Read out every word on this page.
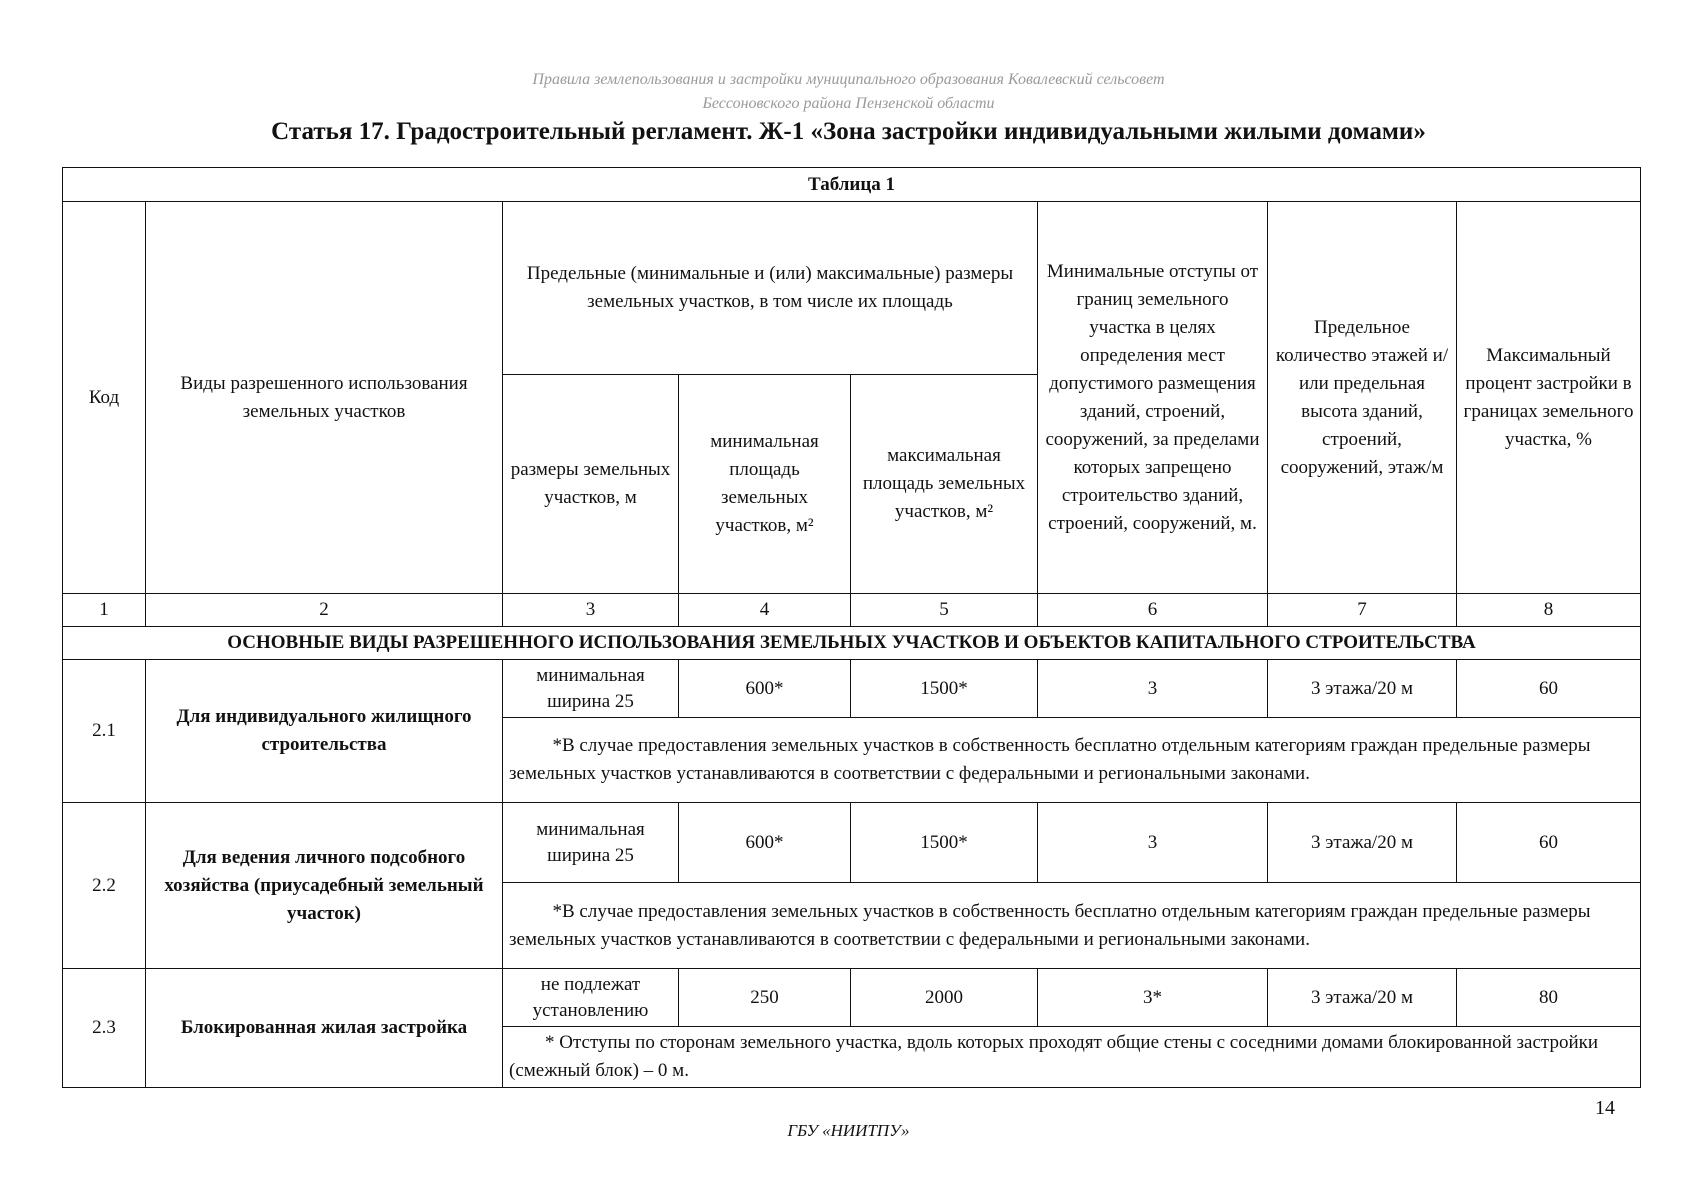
Правила землепользования и застройки муниципального образования Ковалевский сельсовет
Бессоновского района Пензенской области
Статья 17. Градостроительный регламент. Ж-1 «Зона застройки индивидуальными жилыми домами»
Таблица 1							
Код	Виды разрешенного использования земельных участков	Предельные (минимальные и (или) максимальные) размеры земельных участков, в том числе их площадь			Минимальные отступы от границ земельного участка в целях определения мест допустимого размещения зданий, строений, сооружений, за пределами которых запрещено строительство зданий, строений, сооружений, м.	Предельное количество этажей и/или предельная высота зданий, строений, сооружений, этаж/м	Максимальный процент застройки в границах земельного участка, %
		размеры земельных участков, м	минимальная площадь земельных участков, м²	максимальная площадь земельных участков, м²			
1	2	3	4	5	6	7	8
ОСНОВНЫЕ ВИДЫ РАЗРЕШЕННОГО ИСПОЛЬЗОВАНИЯ ЗЕМЕЛЬНЫХ УЧАСТКОВ И ОБЪЕКТОВ КАПИТАЛЬНОГО СТРОИТЕЛЬСТВА							
2.1	Для индивидуального жилищного строительства	минимальная ширина 25	600*	1500*	3	3 этажа/20 м	60
		*В случае предоставления земельных участков в собственность бесплатно отдельным категориям граждан предельные размеры земельных участков устанавливаются в соответствии с федеральными и региональными законами.					
2.2	Для ведения личного подсобного хозяйства (приусадебный земельный участок)	минимальная ширина 25	600*	1500*	3	3 этажа/20 м	60
		*В случае предоставления земельных участков в собственность бесплатно отдельным категориям граждан предельные размеры земельных участков устанавливаются в соответствии с федеральными и региональными законами.					
2.3	Блокированная жилая застройка	не подлежат установлению	250	2000	3*	3 этажа/20 м	80
		* Отступы по сторонам земельного участка, вдоль которых проходят общие стены с соседними домами блокированной застройки (смежный блок) – 0 м.					
14
ГБУ «НИИТПУ»
